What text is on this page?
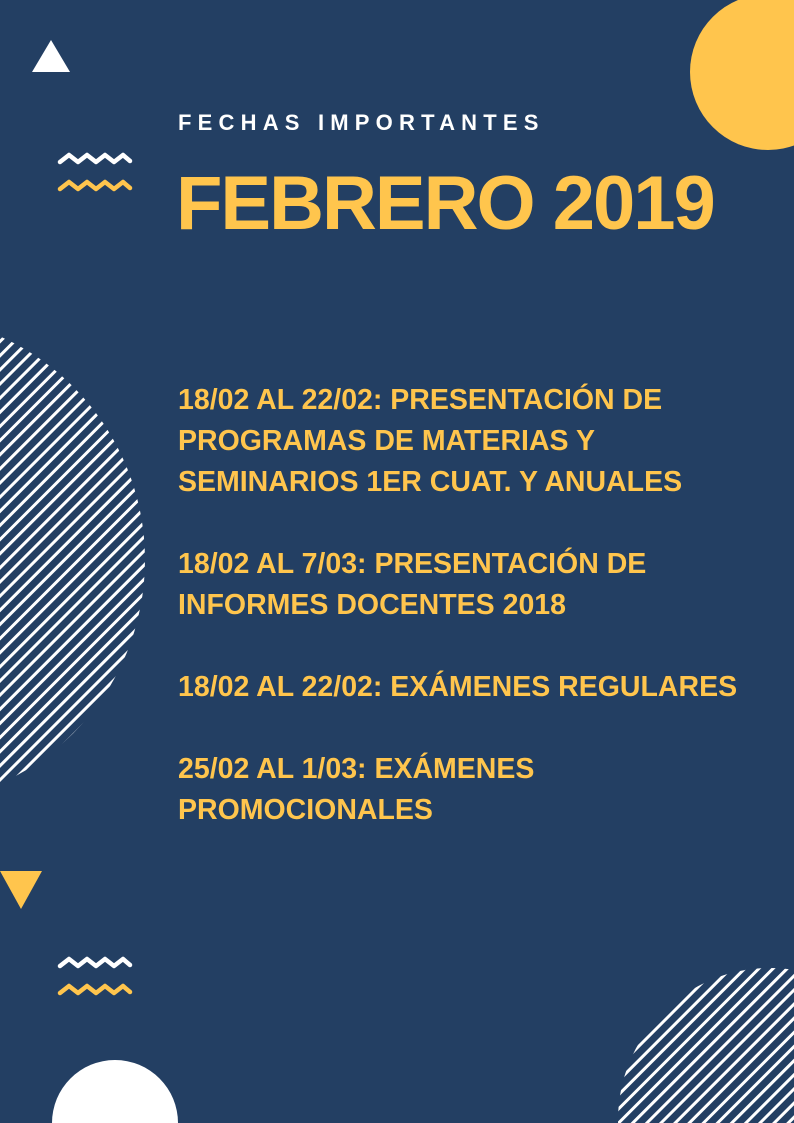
FECHAS IMPORTANTES
FEBRERO 2019
18/02 AL 22/02: PRESENTACIÓN DE PROGRAMAS DE MATERIAS Y SEMINARIOS 1ER CUAT. Y ANUALES
18/02 AL 7/03: PRESENTACIÓN DE INFORMES DOCENTES 2018
18/02 AL 22/02: EXÁMENES REGULARES
25/02 AL 1/03: EXÁMENES PROMOCIONALES
